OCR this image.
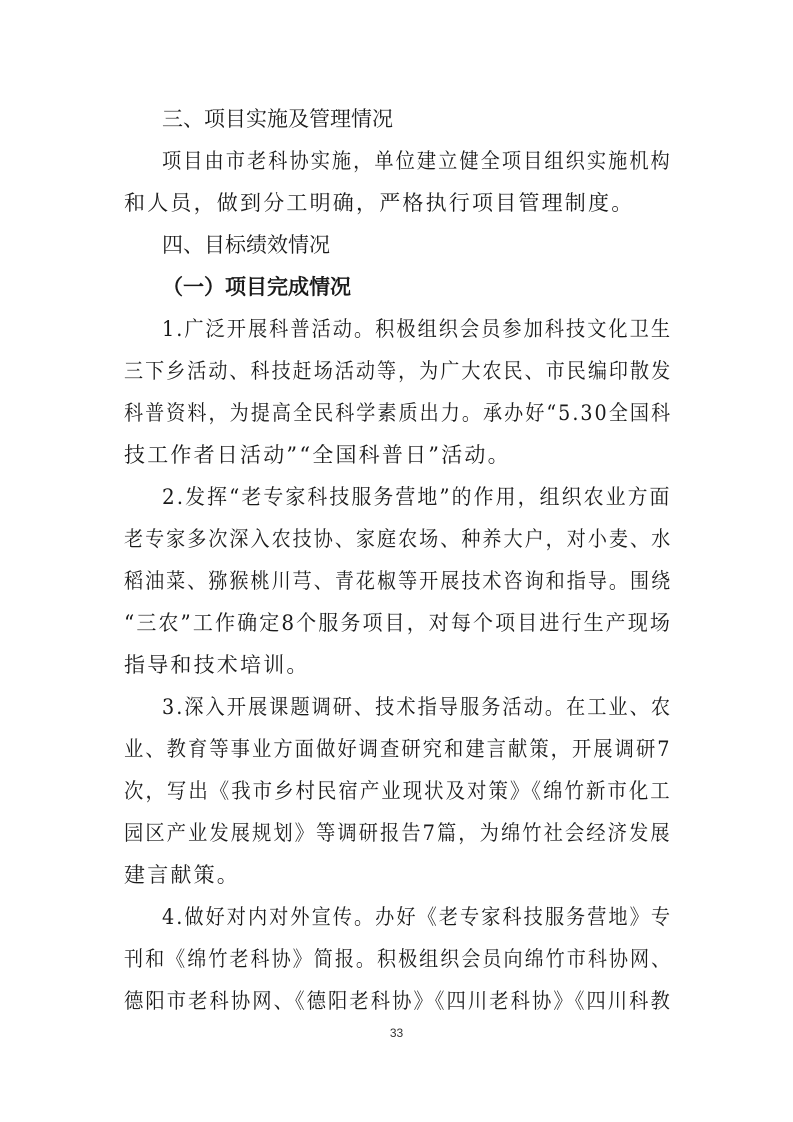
三、项目实施及管理情况
项目由市老科协实施，单位建立健全项目组织实施机构
和人员，做到分工明确，严格执行项目管理制度。
四、目标绩效情况
（一）项目完成情况
1.广泛开展科普活动。积极组织会员参加科技文化卫生
三下乡活动、科技赶场活动等，为广大农民、市民编印散发
科普资料，为提高全民科学素质出力。承办好“5.30全国科
技工作者日活动”“全国科普日”活动。
2.发挥“老专家科技服务营地”的作用，组织农业方面
老专家多次深入农技协、家庭农场、种养大户，对小麦、水
稻油菜、猕猴桃川芎、青花椒等开展技术咨询和指导。围绕
“三农”工作确定8个服务项目，对每个项目进行生产现场
指导和技术培训。
3.深入开展课题调研、技术指导服务活动。在工业、农
业、教育等事业方面做好调查研究和建言献策，开展调研7
次，写出《我市乡村民宿产业现状及对策》《绵竹新市化工
园区产业发展规划》等调研报告7篇，为绵竹社会经济发展
建言献策。
4.做好对内对外宣传。办好《老专家科技服务营地》专
刊和《绵竹老科协》简报。积极组织会员向绵竹市科协网、
德阳市老科协网、《德阳老科协》《四川老科协》《四川科教
33
